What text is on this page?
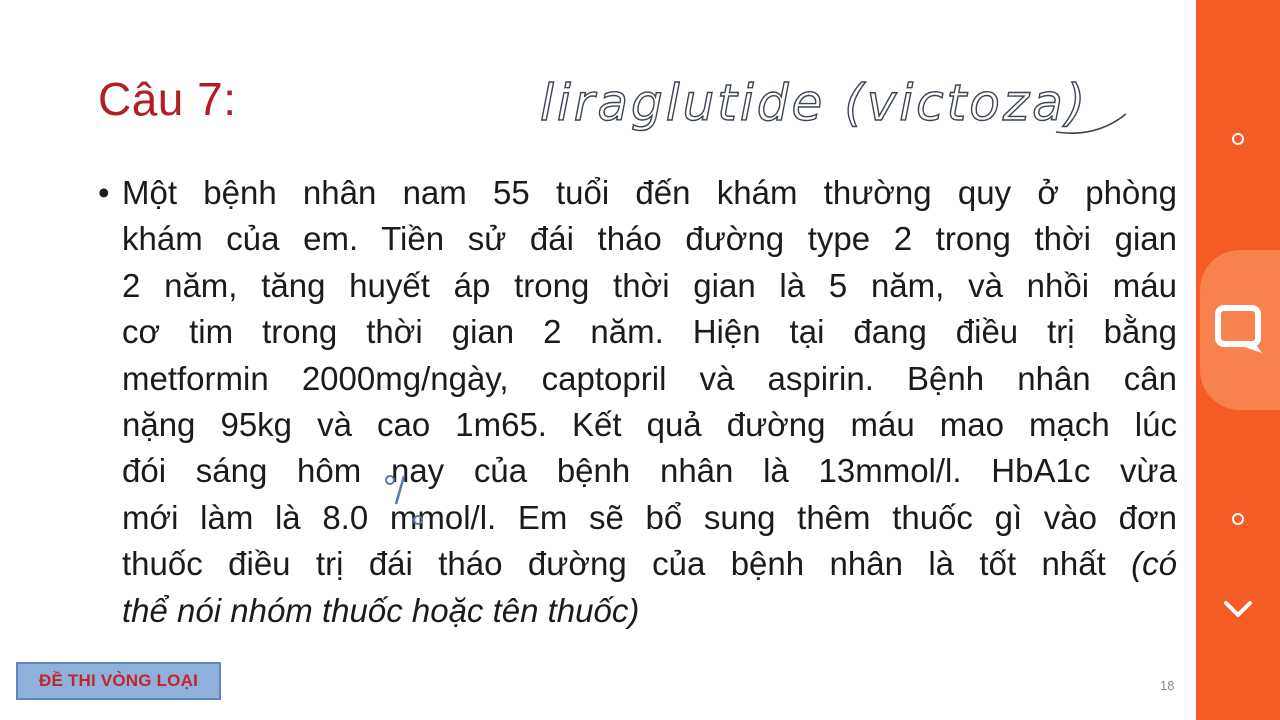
Câu 7:	liraglutide (victoza)
• Một bệnh nhân nam 55 tuổi đến khám thường quy ở phòng
khám của em. Tiền sử đái tháo đường type 2 trong thời gian
2 năm, tăng huyết áp trong thời gian là 5 năm, và nhồi máu
cơ tim trong thời gian 2 năm. Hiện tại đang điều trị bằng
metformin 2000mg/ngày, captopril và aspirin. Bệnh nhân cân
nặng 95kg và cao 1m65. Kết quả đường máu mao mạch lúc
đói sáng hôm nay của bệnh nhân là 13mmol/l. HbA1c vừa
mới làm là 8.0 mmol/l. Em sẽ bổ sung thêm thuốc gì vào đơn
thuốc điều trị đái tháo đường của bệnh nhân là tốt nhất (có
thể nói nhóm thuốc hoặc tên thuốc)
ĐỀ THI VÒNG LOẠI	18
